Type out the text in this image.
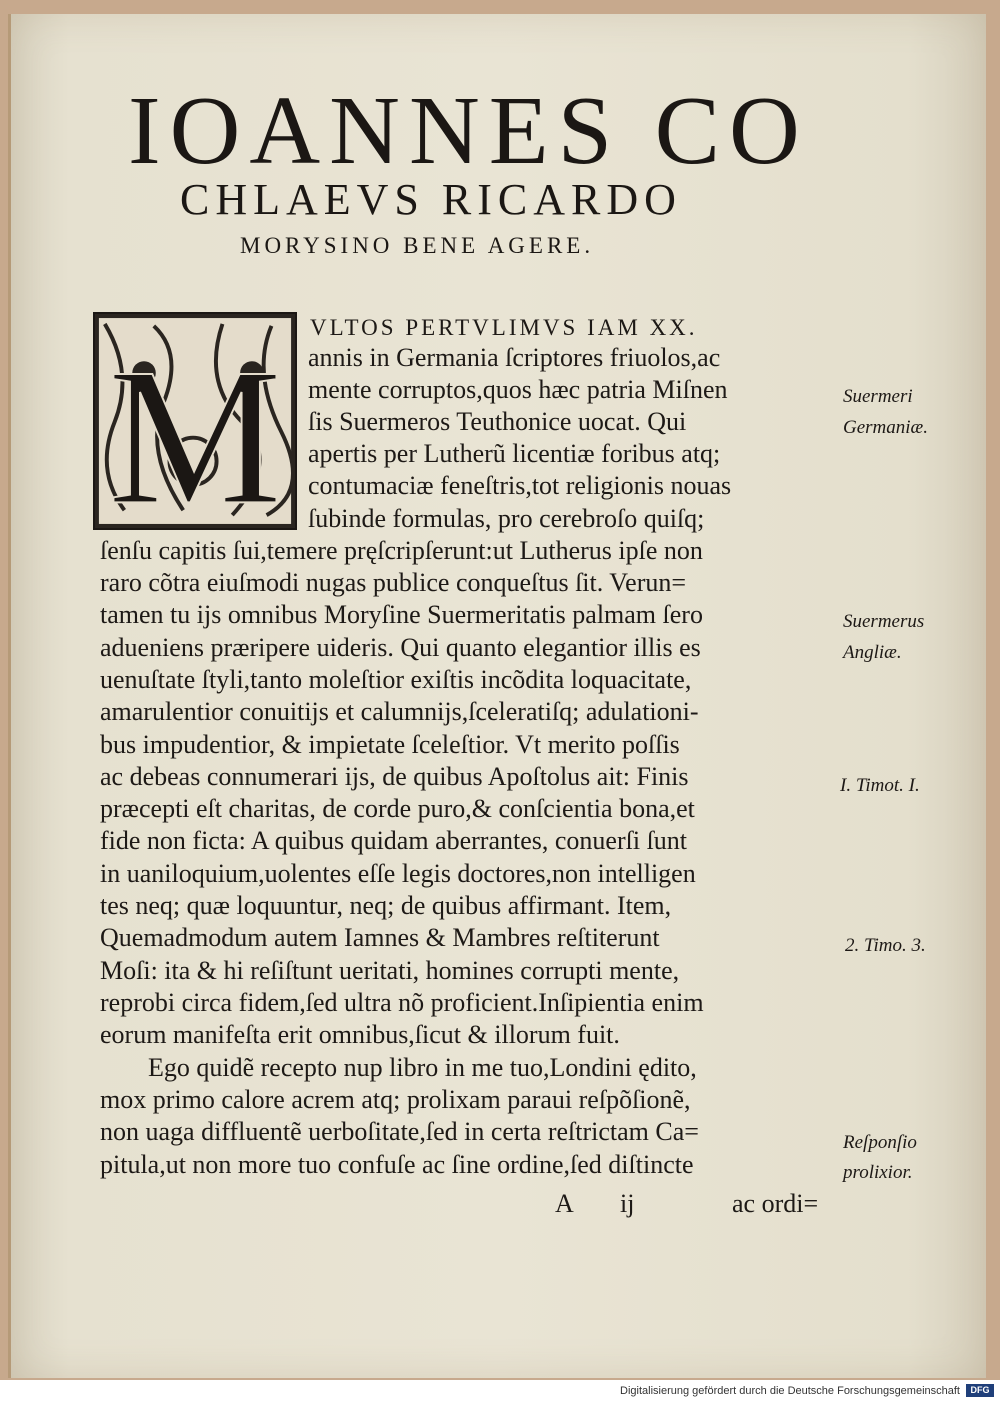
IOANNES CO
CHLAEVS RICARDO
MORYSINO BENE AGERE.
M
VLTOS PERTVLIMVS IAM XX.
annis in Germania ſcriptores friuolos,ac
mente corruptos,quos hæc patria Miſnen
ſis Suermeros Teuthonice uocat. Qui
apertis per Lutherũ licentiæ foribus atq;
contumaciæ feneſtris,tot religionis nouas
ſubinde formulas, pro cerebroſo quiſq;
ſenſu capitis ſui,temere pręſcripſerunt:ut Lutherus ipſe non
raro cõtra eiuſmodi nugas publice conqueſtus ſit. Verun=
tamen tu ijs omnibus Moryſine Suermeritatis palmam ſero
adueniens præripere uideris. Qui quanto elegantior illis es
uenuſtate ſtyli,tanto moleſtior exiſtis incõdita loquacitate,
amarulentior conuitijs et calumnijs,ſceleratiſq; adulationi-
bus impudentior, & impietate ſceleſtior. Vt merito poſſis
ac debeas connumerari ijs, de quibus Apoſtolus ait: Finis
præcepti eſt charitas, de corde puro,& conſcientia bona,et
fide non ficta: A quibus quidam aberrantes, conuerſi ſunt
in uaniloquium,uolentes eſſe legis doctores,non intelligen
tes neq; quæ loquuntur, neq; de quibus affirmant. Item,
Quemadmodum autem Iamnes & Mambres reſtiterunt
Moſi: ita & hi reſiſtunt ueritati, homines corrupti mente,
reprobi circa fidem,ſed ultra nõ proficient.Inſipientia enim
eorum manifeſta erit omnibus,ſicut & illorum fuit.
Ego quidẽ recepto nup libro in me tuo,Londini ędito,
mox primo calore acrem atq; prolixam paraui reſpõſionẽ,
non uaga diffluentẽ uerboſitate,ſed in certa reſtrictam Ca=
pitula,ut non more tuo confuſe ac ſine ordine,ſed diſtincte
A ij	ac ordi=
Suermeri
Germaniæ.
Suermerus
Angliæ.
I. Timot. I.
2. Timo. 3.
Reſponſio
prolixior.
Digitalisierung gefördert durch die Deutsche Forschungsgemeinschaft	DFG
